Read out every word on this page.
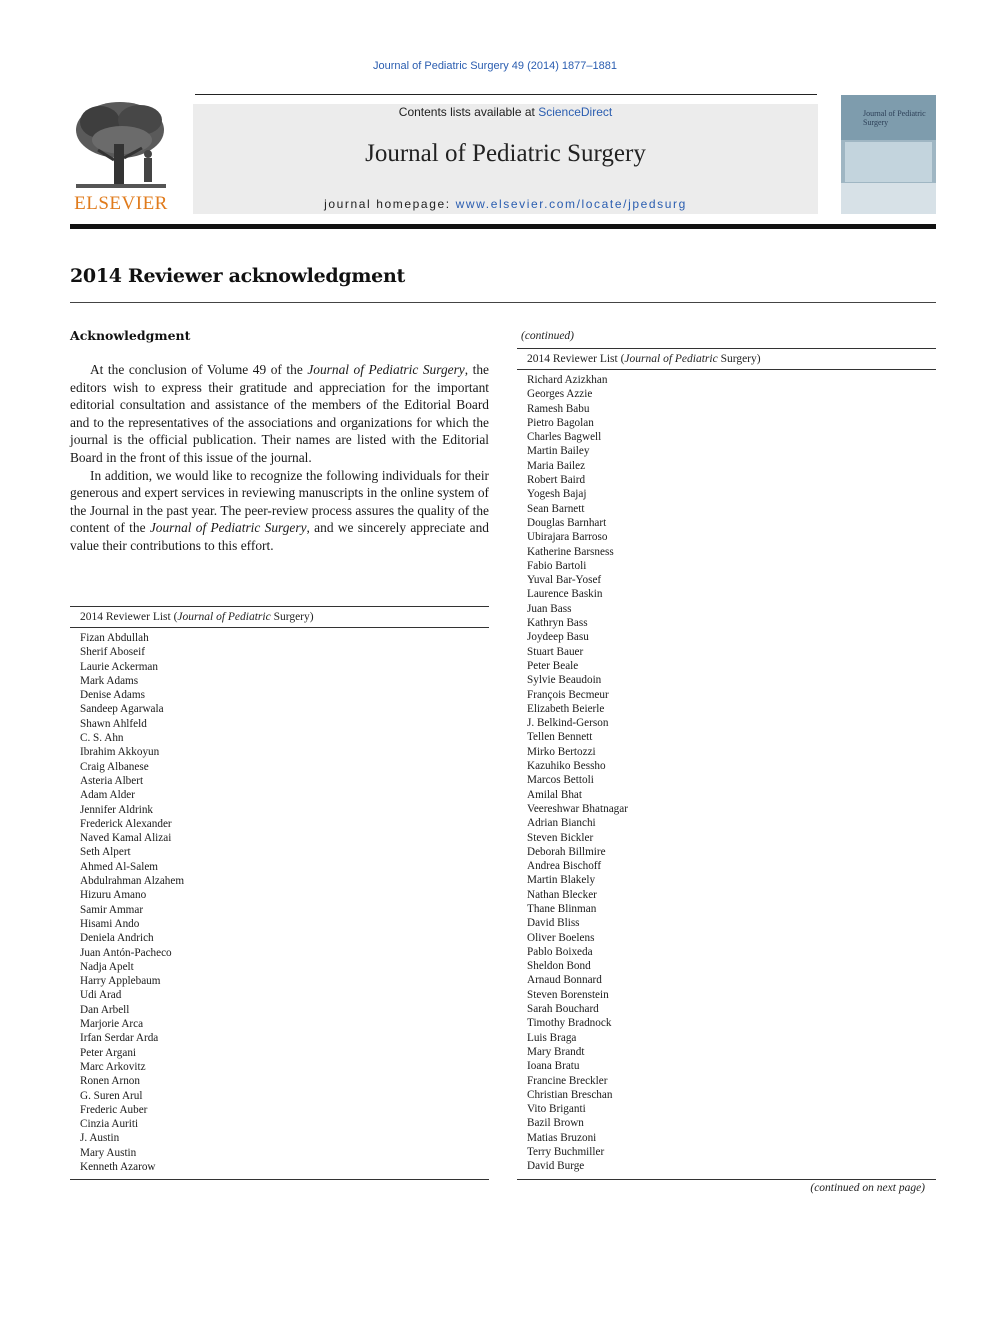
Journal of Pediatric Surgery 49 (2014) 1877–1881
ELSEVIER
Contents lists available at ScienceDirect
Journal of Pediatric Surgery
journal homepage: www.elsevier.com/locate/jpedsurg
Journal of Pediatric Surgery
2014 Reviewer acknowledgment
Acknowledgment

At the conclusion of Volume 49 of the Journal of Pediatric Surgery, the editors wish to express their gratitude and appreciation for the important editorial consultation and assistance of the members of the Editorial Board and to the representatives of the associations and organizations for which the journal is the official publication. Their names are listed with the Editorial Board in the front of this issue of the journal.

In addition, we would like to recognize the following individuals for their generous and expert services in reviewing manuscripts in the online system of the Journal in the past year. The peer-review process assures the quality of the content of the Journal of Pediatric Surgery, and we sincerely appreciate and value their contributions to this effort.

2014 Reviewer List (Journal of Pediatric Surgery)
Fizan Abdullah
Sherif Aboseif
Laurie Ackerman
Mark Adams
Denise Adams
Sandeep Agarwala
Shawn Ahlfeld
C. S. Ahn
Ibrahim Akkoyun
Craig Albanese
Asteria Albert
Adam Alder
Jennifer Aldrink
Frederick Alexander
Naved Kamal Alizai
Seth Alpert
Ahmed Al-Salem
Abdulrahman Alzahem
Hizuru Amano
Samir Ammar
Hisami Ando
Deniela Andrich
Juan Antón-Pacheco
Nadja Apelt
Harry Applebaum
Udi Arad
Dan Arbell
Marjorie Arca
Irfan Serdar Arda
Peter Argani
Marc Arkovitz
Ronen Arnon
G. Suren Arul
Frederic Auber
Cinzia Auriti
J. Austin
Mary Austin
Kenneth Azarow
(continued)
2014 Reviewer List (Journal of Pediatric Surgery)
Richard Azizkhan
Georges Azzie
Ramesh Babu
Pietro Bagolan
Charles Bagwell
Martin Bailey
Maria Bailez
Robert Baird
Yogesh Bajaj
Sean Barnett
Douglas Barnhart
Ubirajara Barroso
Katherine Barsness
Fabio Bartoli
Yuval Bar-Yosef
Laurence Baskin
Juan Bass
Kathryn Bass
Joydeep Basu
Stuart Bauer
Peter Beale
Sylvie Beaudoin
François Becmeur
Elizabeth Beierle
J. Belkind-Gerson
Tellen Bennett
Mirko Bertozzi
Kazuhiko Bessho
Marcos Bettoli
Amilal Bhat
Veereshwar Bhatnagar
Adrian Bianchi
Steven Bickler
Deborah Billmire
Andrea Bischoff
Martin Blakely
Nathan Blecker
Thane Blinman
David Bliss
Oliver Boelens
Pablo Boixeda
Sheldon Bond
Arnaud Bonnard
Steven Borenstein
Sarah Bouchard
Timothy Bradnock
Luis Braga
Mary Brandt
Ioana Bratu
Francine Breckler
Christian Breschan
Vito Briganti
Bazil Brown
Matias Bruzoni
Terry Buchmiller
David Burge
(continued on next page)
